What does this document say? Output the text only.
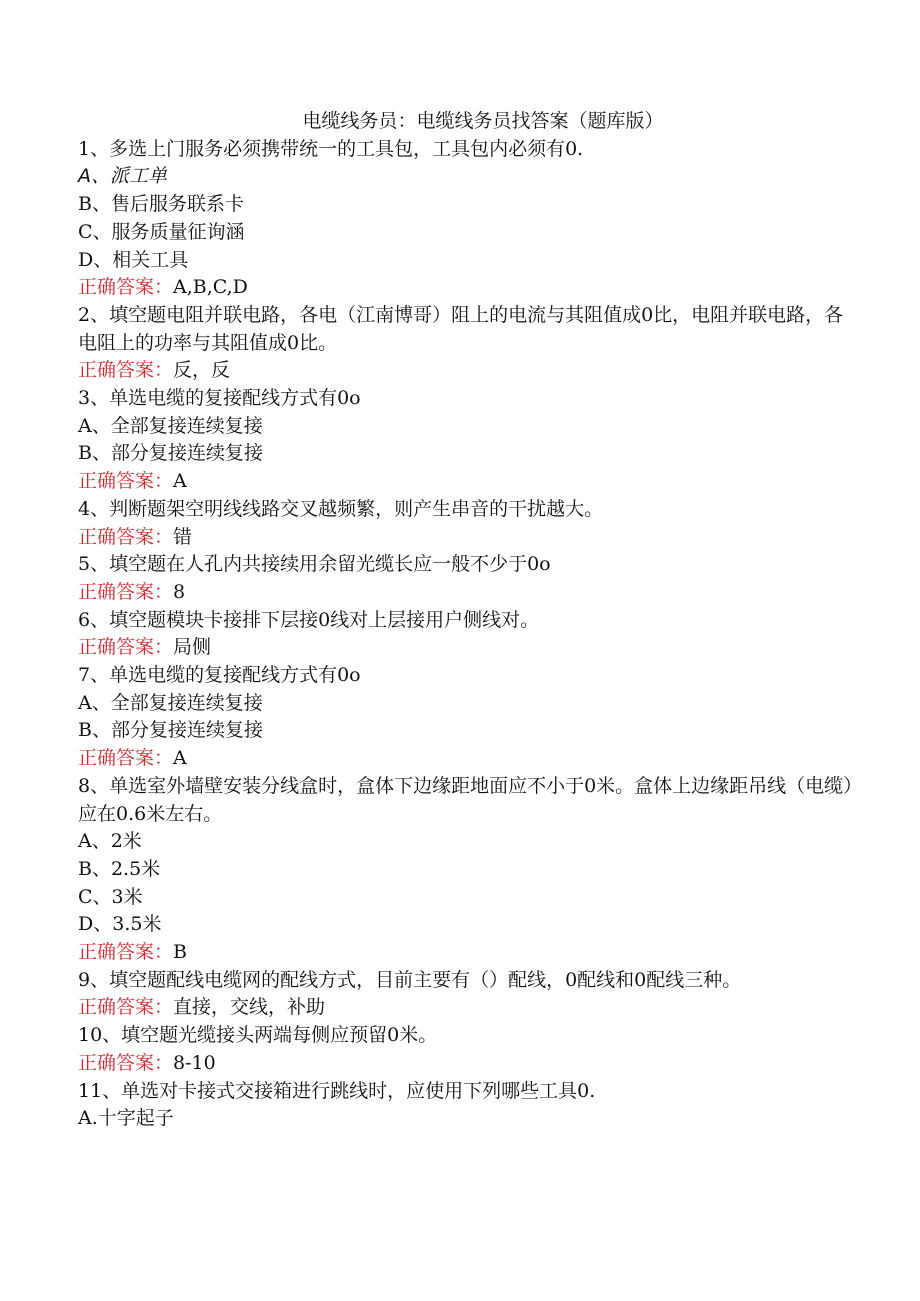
电缆线务员：电缆线务员找答案（题库版）

1、多选上门服务必须携带统一的工具包，工具包内必须有0.

A、派工单

B、售后服务联系卡

C、服务质量征询涵

D、相关工具

正确答案：A,B,C,D

2、填空题电阻并联电路，各电（江南博哥）阻上的电流与其阻值成0比，电阻并联电路，各电阻上的功率与其阻值成0比。

正确答案：反，反

3、单选电缆的复接配线方式有0o

A、全部复接连续复接

B、部分复接连续复接

正确答案：A

4、判断题架空明线线路交叉越频繁，则产生串音的干扰越大。

正确答案：错

5、填空题在人孔内共接续用余留光缆长应一般不少于0o

正确答案：8

6、填空题模块卡接排下层接0线对上层接用户侧线对。

正确答案：局侧

7、单选电缆的复接配线方式有0o

A、全部复接连续复接

B、部分复接连续复接

正确答案：A

8、单选室外墙壁安装分线盒时，盒体下边缘距地面应不小于0米。盒体上边缘距吊线（电缆）应在0.6米左右。

A、2米

B、2.5米

C、3米

D、3.5米

正确答案：B

9、填空题配线电缆网的配线方式，目前主要有（）配线，0配线和0配线三种。

正确答案：直接，交线，补助

10、填空题光缆接头两端每侧应预留0米。

正确答案：8-10

11、单选对卡接式交接箱进行跳线时，应使用下列哪些工具0.

A.十字起子
